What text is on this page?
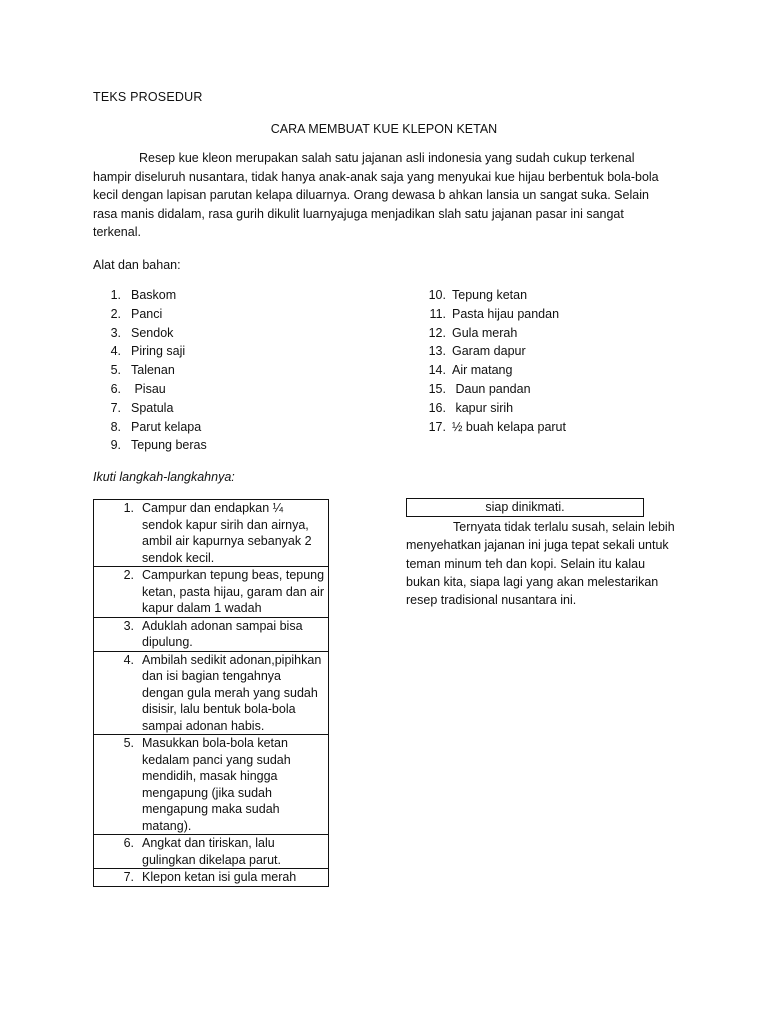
TEKS PROSEDUR
CARA MEMBUAT KUE KLEPON KETAN

Resep kue kleon merupakan salah satu jajanan asli indonesia yang sudah cukup terkenal hampir diseluruh nusantara, tidak hanya anak-anak saja yang menyukai kue hijau berbentuk bola-bola kecil dengan lapisan parutan kelapa diluarnya. Orang dewasa b ahkan lansia un sangat suka. Selain rasa manis didalam, rasa gurih dikulit luarnyajuga menjadikan slah satu jajanan pasar ini sangat terkenal.

Alat dan bahan:
1. Baskom
2. Panci
3. Sendok
4. Piring saji
5. Talenan
6. Pisau
7. Spatula
8. Parut kelapa
9. Tepung beras
10. Tepung ketan
11. Pasta hijau pandan
12. Gula merah
13. Garam dapur
14. Air matang
15. Daun pandan
16. kapur sirih
17. ½ buah kelapa parut
Ikuti langkah-langkahnya:
1.	Campur dan endapkan ¼ sendok kapur sirih dan airnya, ambil air kapurnya sebanyak 2 sendok kecil.
2.	Campurkan tepung beas, tepung ketan, pasta hijau, garam dan air kapur dalam 1 wadah
3.	Aduklah adonan sampai bisa dipulung.
4.	Ambilah sedikit adonan,pipihkan dan isi bagian tengahnya dengan gula merah yang sudah disisir, lalu bentuk bola-bola sampai adonan habis.
5.	Masukkan bola-bola ketan kedalam panci yang sudah mendidih, masak hingga mengapung (jika sudah mengapung maka sudah matang).
6.	Angkat dan tiriskan, lalu gulingkan dikelapa parut.
7.	Klepon ketan isi gula merah
siap dinikmati.

Ternyata tidak terlalu susah, selain lebih menyehatkan jajanan ini juga tepat sekali untuk teman minum teh dan kopi. Selain itu kalau bukan kita, siapa lagi yang akan melestarikan resep tradisional nusantara ini.
